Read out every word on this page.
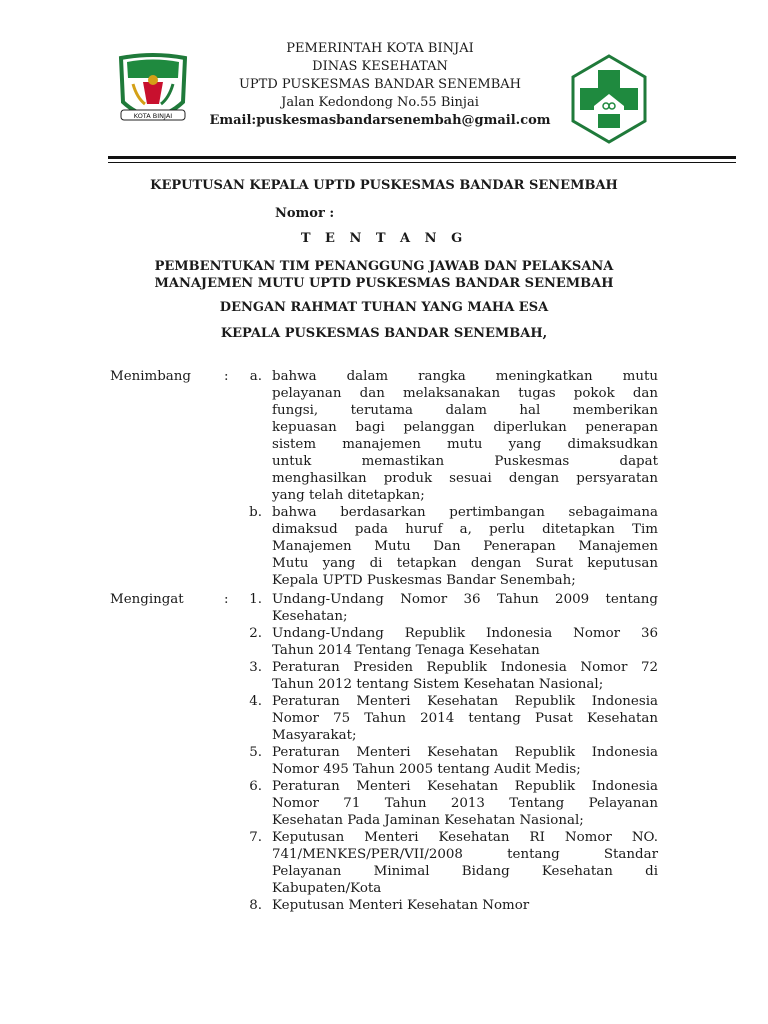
KOTA BINJAI
PEMERINTAH KOTA BINJAI
DINAS KESEHATAN
UPTD PUSKESMAS BANDAR SENEMBAH
Jalan Kedondong No.55 Binjai
Email:puskesmasbandarsenembah@gmail.com
KEPUTUSAN KEPALA UPTD PUSKESMAS BANDAR SENEMBAH
Nomor :
T E N T A N G
PEMBENTUKAN TIM PENANGGUNG JAWAB DAN PELAKSANA
MANAJEMEN MUTU UPTD PUSKESMAS BANDAR SENEMBAH
DENGAN RAHMAT TUHAN YANG MAHA ESA
KEPALA PUSKESMAS BANDAR SENEMBAH,
Menimbang	:	a. bahwa dalam rangka meningkatkan mutu
pelayanan dan melaksanakan tugas pokok dan
fungsi, terutama dalam hal memberikan
kepuasan bagi pelanggan diperlukan penerapan
sistem manajemen mutu yang dimaksudkan
untuk memastikan Puskesmas dapat
menghasilkan produk sesuai dengan persyaratan
yang telah ditetapkan;
b. bahwa berdasarkan pertimbangan sebagaimana
dimaksud pada huruf a, perlu ditetapkan Tim
Manajemen Mutu Dan Penerapan Manajemen
Mutu yang di tetapkan dengan Surat keputusan
Kepala UPTD Puskesmas Bandar Senembah;
Mengingat	:	1. Undang-Undang Nomor 36 Tahun 2009 tentang
Kesehatan;
2. Undang-Undang Republik Indonesia Nomor 36
Tahun 2014 Tentang Tenaga Kesehatan
3. Peraturan Presiden Republik Indonesia Nomor 72
Tahun 2012 tentang Sistem Kesehatan Nasional;
4. Peraturan Menteri Kesehatan Republik Indonesia
Nomor 75 Tahun 2014 tentang Pusat Kesehatan
Masyarakat;
5. Peraturan Menteri Kesehatan Republik Indonesia
Nomor 495 Tahun 2005 tentang Audit Medis;
6. Peraturan Menteri Kesehatan Republik Indonesia
Nomor 71 Tahun 2013 Tentang Pelayanan
Kesehatan Pada Jaminan Kesehatan Nasional;
7. Keputusan Menteri Kesehatan RI Nomor NO.
741/MENKES/PER/VII/2008 tentang Standar
Pelayanan Minimal Bidang Kesehatan di
Kabupaten/Kota
8. Keputusan Menteri Kesehatan Nomor
